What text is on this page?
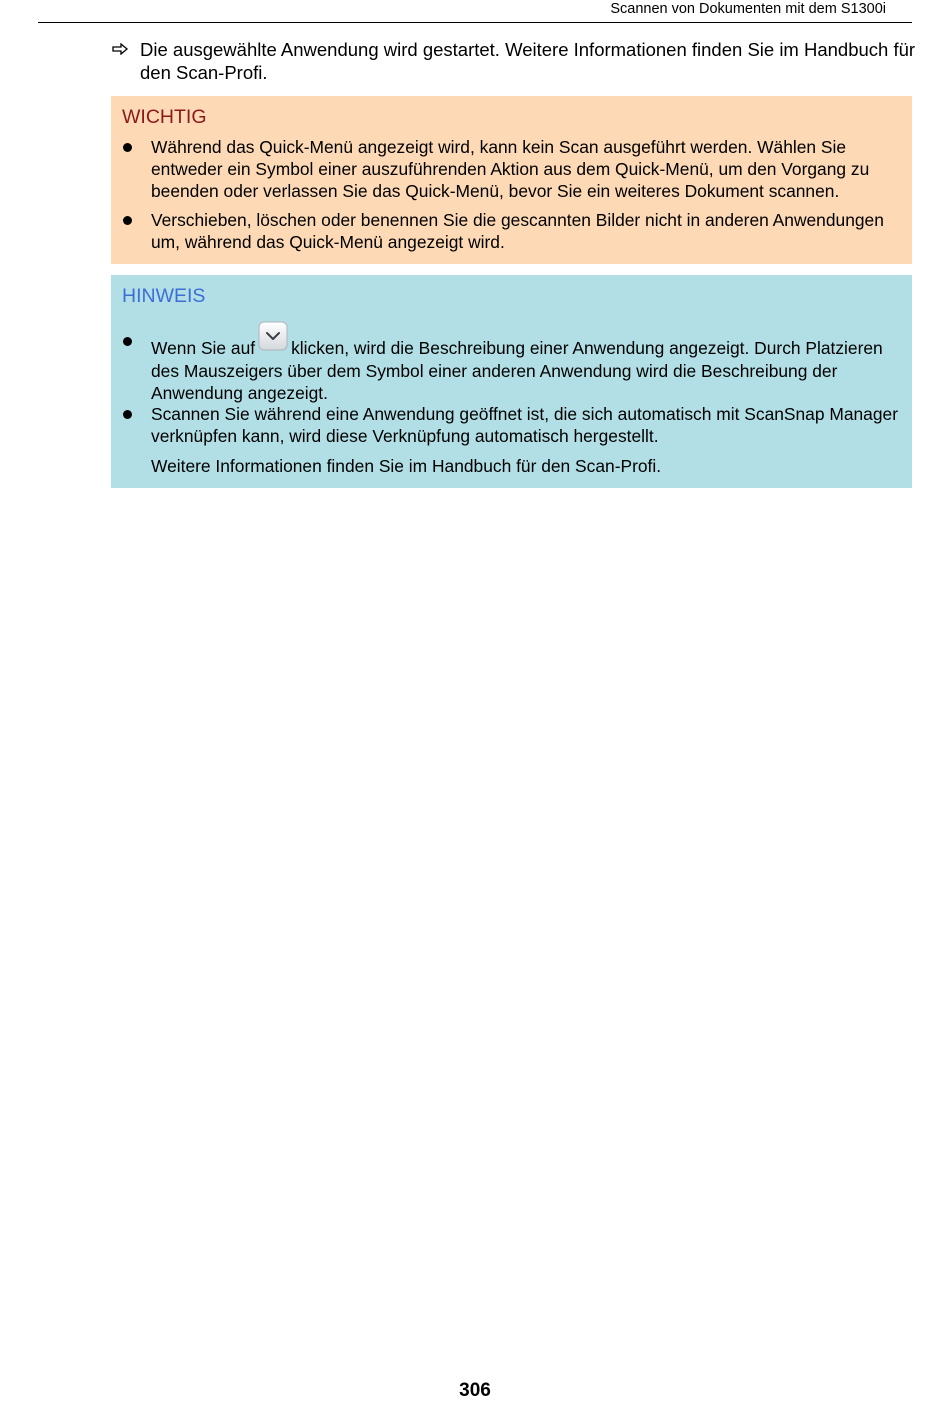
Scannen von Dokumenten mit dem S1300i
Die ausgewählte Anwendung wird gestartet. Weitere Informationen finden Sie im Handbuch für den Scan-Profi.
WICHTIG
Während das Quick-Menü angezeigt wird, kann kein Scan ausgeführt werden. Wählen Sie entweder ein Symbol einer auszuführenden Aktion aus dem Quick-Menü, um den Vorgang zu beenden oder verlassen Sie das Quick-Menü, bevor Sie ein weiteres Dokument scannen.
Verschieben, löschen oder benennen Sie die gescannten Bilder nicht in anderen Anwendungen um, während das Quick-Menü angezeigt wird.
HINWEIS
Wenn Sie auf klicken, wird die Beschreibung einer Anwendung angezeigt. Durch Platzieren des Mauszeigers über dem Symbol einer anderen Anwendung wird die Beschreibung der Anwendung angezeigt.
Scannen Sie während eine Anwendung geöffnet ist, die sich automatisch mit ScanSnap Manager verknüpfen kann, wird diese Verknüpfung automatisch hergestellt.
Weitere Informationen finden Sie im Handbuch für den Scan-Profi.
306
